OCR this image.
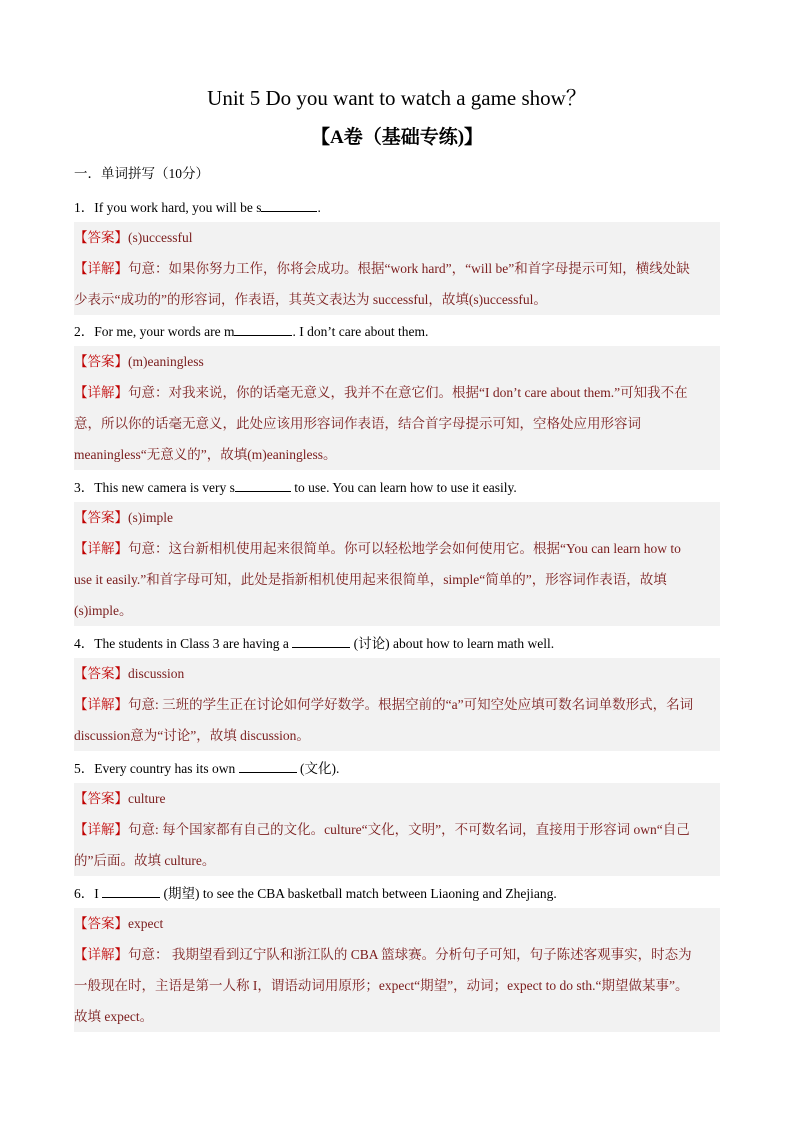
Unit 5 Do you want to watch a game show？
【A卷（基础专练)】
一．单词拼写（10分）
1．If you work hard, you will be s	.
【答案】(s)uccessful
【详解】句意：如果你努力工作，你将会成功。根据“work hard”，“will be”和首字母提示可知，横线处缺
少表示“成功的”的形容词，作表语，其英文表达为 successful，故填(s)uccessful。
2．For me, your words are m	. I don’t care about them.
【答案】(m)eaningless
【详解】句意：对我来说，你的话毫无意义，我并不在意它们。根据“I don’t care about them.”可知我不在
意，所以你的话毫无意义，此处应该用形容词作表语，结合首字母提示可知，空格处应用形容词
meaningless“无意义的”，故填(m)eaningless。
3．This new camera is very s	to use. You can learn how to use it easily.
【答案】(s)imple
【详解】句意：这台新相机使用起来很简单。你可以轻松地学会如何使用它。根据“You can learn how to
use it easily.”和首字母可知，此处是指新相机使用起来很简单，simple“简单的”，形容词作表语，故填
(s)imple。
4．The students in Class 3 are having a	(讨论) about how to learn math well.
【答案】discussion
【详解】句意: 三班的学生正在讨论如何学好数学。根据空前的“a”可知空处应填可数名词单数形式，名词
discussion意为“讨论”，故填 discussion。
5．Every country has its own	(文化).
【答案】culture
【详解】句意: 每个国家都有自己的文化。culture“文化，文明”，不可数名词，直接用于形容词 own“自己
的”后面。故填 culture。
6．I	(期望) to see the CBA basketball match between Liaoning and Zhejiang.
【答案】expect
【详解】句意： 我期望看到辽宁队和浙江队的 CBA 篮球赛。分析句子可知，句子陈述客观事实，时态为
一般现在时，主语是第一人称 I，谓语动词用原形；expect“期望”，动词；expect to do sth.“期望做某事”。
故填 expect。
